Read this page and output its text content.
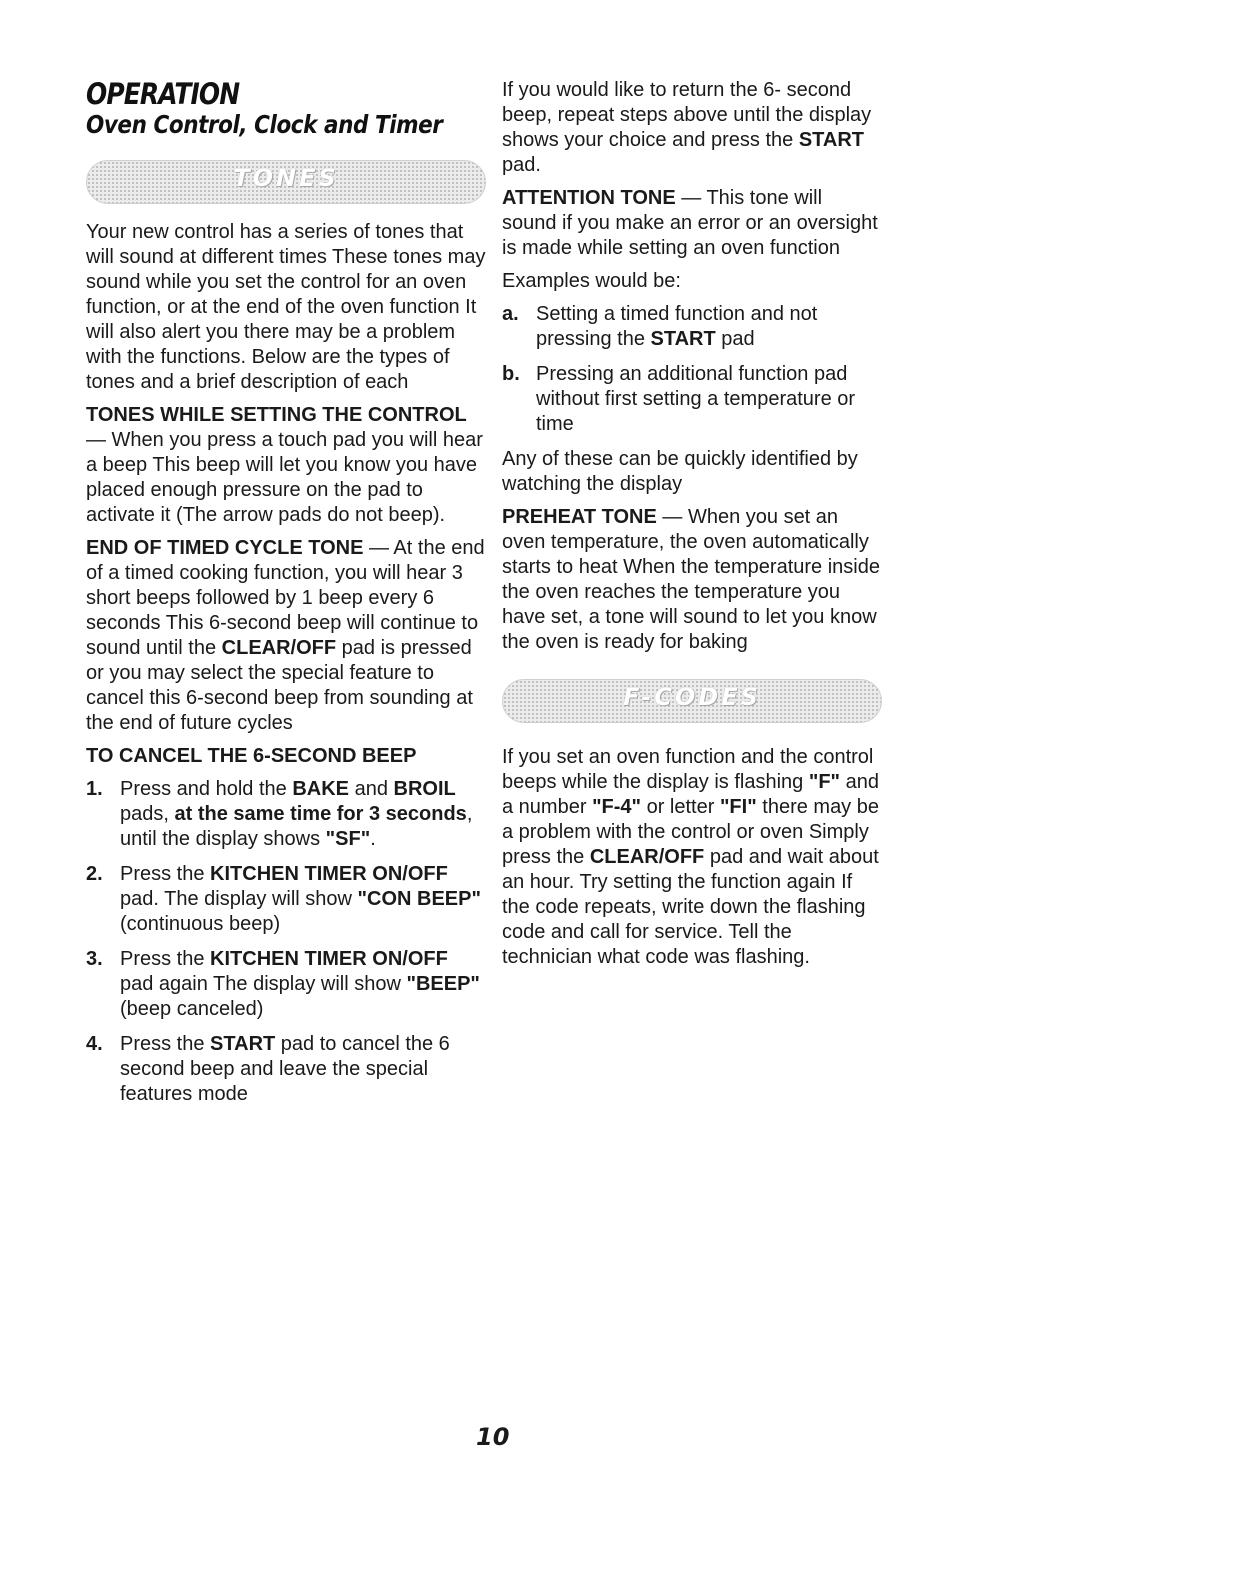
OPERATION
Oven Control, Clock and Timer
TONES

Your new control has a series of tones that will sound at different times These tones may sound while you set the control for an oven function, or at the end of the oven function It will also alert you there may be a problem with the functions. Below are the types of tones and a brief description of each

TONES WHILE SETTING THE CONTROL — When you press a touch pad you will hear a beep This beep will let you know you have placed enough pressure on the pad to activate it (The arrow pads do not beep).

END OF TIMED CYCLE TONE — At the end of a timed cooking function, you will hear 3 short beeps followed by 1 beep every 6 seconds This 6-second beep will continue to sound until the CLEAR/OFF pad is pressed or you may select the special feature to cancel this 6-second beep from sounding at the end of future cycles

TO CANCEL THE 6-SECOND BEEP

1. Press and hold the BAKE and BROIL pads, at the same time for 3 seconds, until the display shows "SF".
2. Press the KITCHEN TIMER ON/OFF pad. The display will show "CON BEEP" (continuous beep)
3. Press the KITCHEN TIMER ON/OFF pad again The display will show "BEEP" (beep canceled)
4. Press the START pad to cancel the 6 second beep and leave the special features mode

If you would like to return the 6- second beep, repeat steps above until the display shows your choice and press the START pad.

ATTENTION TONE — This tone will sound if you make an error or an oversight is made while setting an oven function

Examples would be:

a. Setting a timed function and not pressing the START pad
b. Pressing an additional function pad without first setting a temperature or time

Any of these can be quickly identified by watching the display

PREHEAT TONE — When you set an oven temperature, the oven automatically starts to heat When the temperature inside the oven reaches the temperature you have set, a tone will sound to let you know the oven is ready for baking

F-CODES

If you set an oven function and the control beeps while the display is flashing "F" and a number "F-4" or letter "FI" there may be a problem with the control or oven Simply press the CLEAR/OFF pad and wait about an hour. Try setting the function again If the code repeats, write down the flashing code and call for service. Tell the technician what code was flashing.

10
